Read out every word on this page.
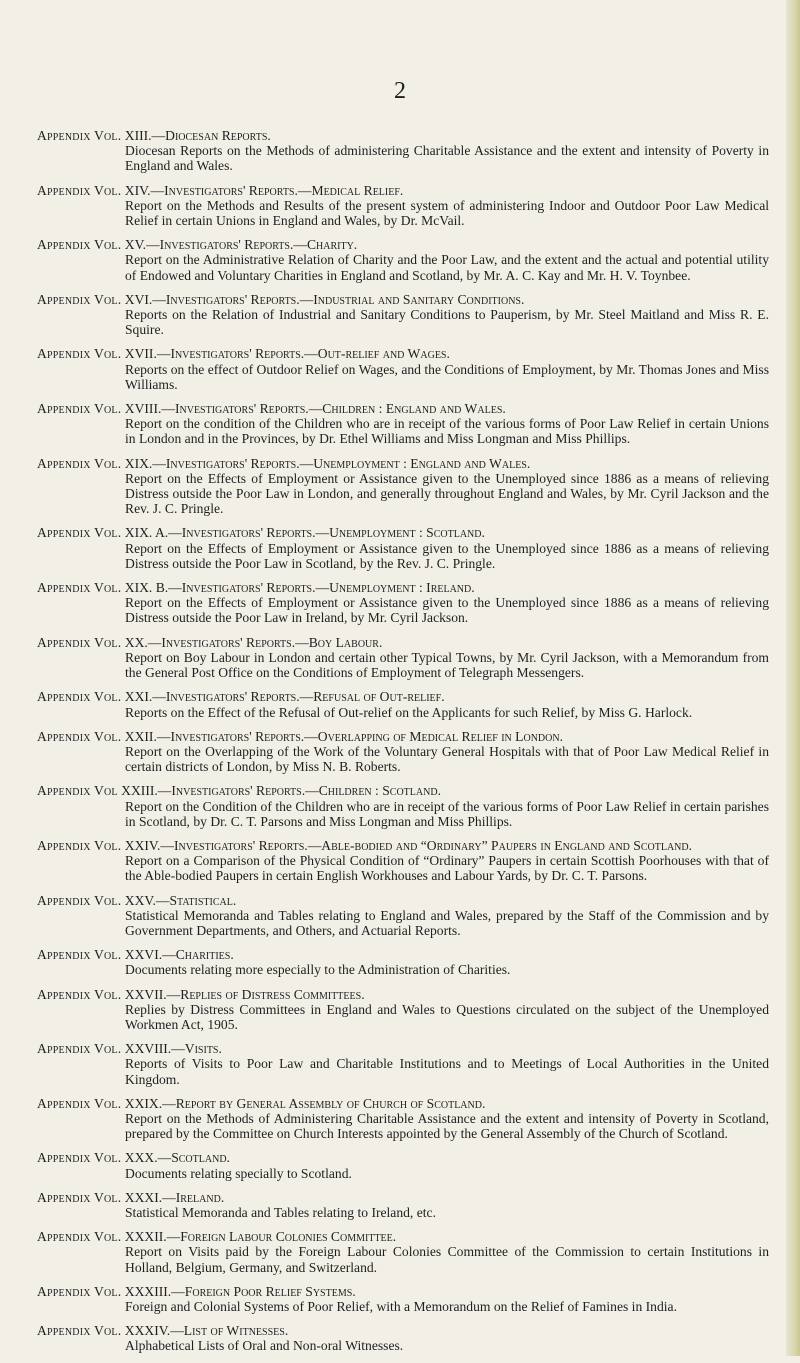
2
Appendix Vol. XIII.—Diocesan Reports.
Diocesan Reports on the Methods of administering Charitable Assistance and the extent and intensity of Poverty in England and Wales.
Appendix Vol. XIV.—Investigators' Reports.—Medical Relief.
Report on the Methods and Results of the present system of administering Indoor and Outdoor Poor Law Medical Relief in certain Unions in England and Wales, by Dr. McVail.
Appendix Vol. XV.—Investigators' Reports.—Charity.
Report on the Administrative Relation of Charity and the Poor Law, and the extent and the actual and potential utility of Endowed and Voluntary Charities in England and Scotland, by Mr. A. C. Kay and Mr. H. V. Toynbee.
Appendix Vol. XVI.—Investigators' Reports.—Industrial and Sanitary Conditions.
Reports on the Relation of Industrial and Sanitary Conditions to Pauperism, by Mr. Steel Maitland and Miss R. E. Squire.
Appendix Vol. XVII.—Investigators' Reports.—Out-relief and Wages.
Reports on the effect of Outdoor Relief on Wages, and the Conditions of Employment, by Mr. Thomas Jones and Miss Williams.
Appendix Vol. XVIII.—Investigators' Reports.—Children : England and Wales.
Report on the condition of the Children who are in receipt of the various forms of Poor Law Relief in certain Unions in London and in the Provinces, by Dr. Ethel Williams and Miss Longman and Miss Phillips.
Appendix Vol. XIX.—Investigators' Reports.—Unemployment : England and Wales.
Report on the Effects of Employment or Assistance given to the Unemployed since 1886 as a means of relieving Distress outside the Poor Law in London, and generally throughout England and Wales, by Mr. Cyril Jackson and the Rev. J. C. Pringle.
Appendix Vol. XIX. A.—Investigators' Reports.—Unemployment : Scotland.
Report on the Effects of Employment or Assistance given to the Unemployed since 1886 as a means of relieving Distress outside the Poor Law in Scotland, by the Rev. J. C. Pringle.
Appendix Vol. XIX. B.—Investigators' Reports.—Unemployment : Ireland.
Report on the Effects of Employment or Assistance given to the Unemployed since 1886 as a means of relieving Distress outside the Poor Law in Ireland, by Mr. Cyril Jackson.
Appendix Vol. XX.—Investigators' Reports.—Boy Labour.
Report on Boy Labour in London and certain other Typical Towns, by Mr. Cyril Jackson, with a Memorandum from the General Post Office on the Conditions of Employment of Telegraph Messengers.
Appendix Vol. XXI.—Investigators' Reports.—Refusal of Out-relief.
Reports on the Effect of the Refusal of Out-relief on the Applicants for such Relief, by Miss G. Harlock.
Appendix Vol. XXII.—Investigators' Reports.—Overlapping of Medical Relief in London.
Report on the Overlapping of the Work of the Voluntary General Hospitals with that of Poor Law Medical Relief in certain districts of London, by Miss N. B. Roberts.
Appendix Vol XXIII.—Investigators' Reports.—Children : Scotland.
Report on the Condition of the Children who are in receipt of the various forms of Poor Law Relief in certain parishes in Scotland, by Dr. C. T. Parsons and Miss Longman and Miss Phillips.
Appendix Vol. XXIV.—Investigators' Reports.—Able-bodied and “Ordinary” Paupers in England and Scotland.
Report on a Comparison of the Physical Condition of “Ordinary” Paupers in certain Scottish Poorhouses with that of the Able-bodied Paupers in certain English Workhouses and Labour Yards, by Dr. C. T. Parsons.
Appendix Vol. XXV.—Statistical.
Statistical Memoranda and Tables relating to England and Wales, prepared by the Staff of the Commission and by Government Departments, and Others, and Actuarial Reports.
Appendix Vol. XXVI.—Charities.
Documents relating more especially to the Administration of Charities.
Appendix Vol. XXVII.—Replies of Distress Committees.
Replies by Distress Committees in England and Wales to Questions circulated on the subject of the Unemployed Workmen Act, 1905.
Appendix Vol. XXVIII.—Visits.
Reports of Visits to Poor Law and Charitable Institutions and to Meetings of Local Authorities in the United Kingdom.
Appendix Vol. XXIX.—Report by General Assembly of Church of Scotland.
Report on the Methods of Administering Charitable Assistance and the extent and intensity of Poverty in Scotland, prepared by the Committee on Church Interests appointed by the General Assembly of the Church of Scotland.
Appendix Vol. XXX.—Scotland.
Documents relating specially to Scotland.
Appendix Vol. XXXI.—Ireland.
Statistical Memoranda and Tables relating to Ireland, etc.
Appendix Vol. XXXII.—Foreign Labour Colonies Committee.
Report on Visits paid by the Foreign Labour Colonies Committee of the Commission to certain Institutions in Holland, Belgium, Germany, and Switzerland.
Appendix Vol. XXXIII.—Foreign Poor Relief Systems.
Foreign and Colonial Systems of Poor Relief, with a Memorandum on the Relief of Famines in India.
Appendix Vol. XXXIV.—List of Witnesses.
Alphabetical Lists of Oral and Non-oral Witnesses.
